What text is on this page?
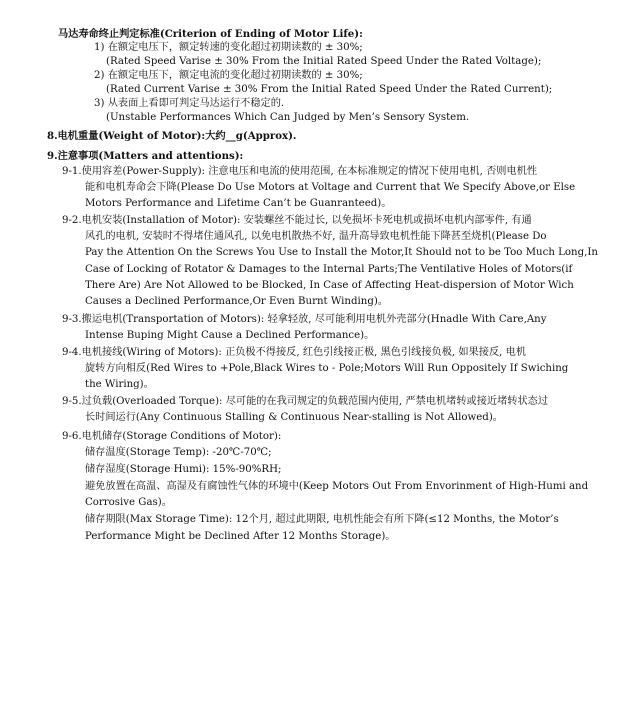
马达寿命终止判定标准(Criterion of Ending of Motor Life):
1) 在额定电压下，额定转速的变化超过初期读数的 ± 30%;
(Rated Speed Varise ± 30% From the Initial Rated Speed Under the Rated Voltage);
2) 在额定电压下，额定电流的变化超过初期读数的 ± 30%;
(Rated Current Varise ± 30% From the Initial Rated Speed Under the Rated Current);
3) 从表面上看即可判定马达运行不稳定的.
(Unstable Performances Which Can Judged by Men’s Sensory System.
8.电机重量(Weight of Motor):大约__g(Approx).
9.注意事项(Matters and attentions):
9-1.使用容差(Power-Supply): 注意电压和电流的使用范围, 在本标准规定的情况下使用电机, 否则电机性
能和电机寿命会下降(Please Do Use Motors at Voltage and Current that We Specify Above,or Else
Motors Performance and Lifetime Can’t be Guanranteed)。
9-2.电机安装(Installation of Motor): 安装螺丝不能过长, 以免损坏卡死电机或损坏电机内部零件, 有通
风孔的电机, 安装时不得堵住通风孔, 以免电机散热不好, 温升高导致电机性能下降甚至烧机(Please Do
Pay the Attention On the Screws You Use to Install the Motor,It Should not to be Too Much Long,In
Case of Locking of Rotator & Damages to the Internal Parts;The Ventilative Holes of Motors(if
There Are) Are Not Allowed to be Blocked, In Case of Affecting Heat-dispersion of Motor Wich
Causes a Declined Performance,Or Even Burnt Winding)。
9-3.搬运电机(Transportation of Motors): 轻拿轻放, 尽可能利用电机外壳部分(Hnadle With Care,Any
Intense Buping Might Cause a Declined Performance)。
9-4.电机接线(Wiring of Motors): 正负极不得接反, 红色引线接正极, 黑色引线接负极, 如果接反, 电机
旋转方向相反(Red Wires to +Pole,Black Wires to - Pole;Motors Will Run Oppositely If Swiching
the Wiring)。
9-5.过负载(Overloaded Torque): 尽可能的在我司规定的负载范围内使用, 严禁电机堵转或接近堵转状态过
长时间运行(Any Continuous Stalling & Continuous Near-stalling is Not Allowed)。
9-6.电机储存(Storage Conditions of Motor):
储存温度(Storage Temp): -20℃-70℃;
储存湿度(Storage Humi): 15%-90%RH;
避免放置在高温、高湿及有腐蚀性气体的环境中(Keep Motors Out From Envorinment of High-Humi and
Corrosive Gas)。
储存期限(Max Storage Time): 12个月, 超过此期限, 电机性能会有所下降(≤12 Months, the Motor’s
Performance Might be Declined After 12 Months Storage)。
